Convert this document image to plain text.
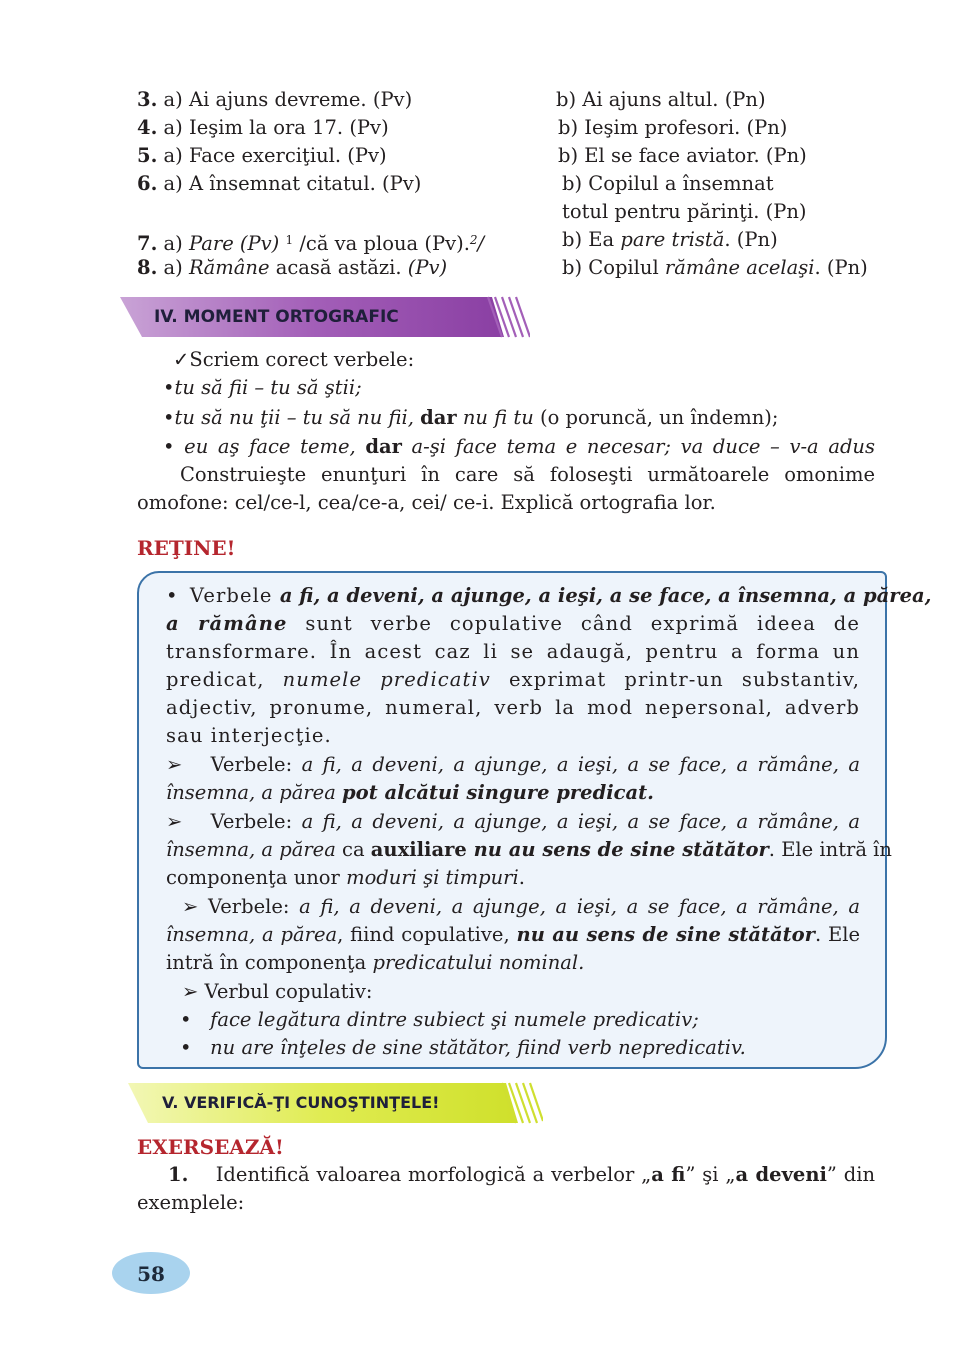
3. a) Ai ajuns devreme. (Pv)	b) Ai ajuns altul. (Pn)
4. a) Ieşim la ora 17. (Pv)	b) Ieşim profesori. (Pn)
5. a) Face exerciţiul. (Pv)	b) El se face aviator. (Pn)
6. a) A însemnat citatul. (Pv)	b) Copilul a însemnat
totul pentru părinţi. (Pn)
7. a) Pare (Pv) $^1$ /că va ploua (Pv).$^2$/	b) Ea pare tristă. (Pn)
8. a) Rămâne acasă astăzi. (Pv)	b) Copilul rămâne acelaşi. (Pn)
IV. MOMENT ORTOGRAFIC
✓Scriem corect verbele:
•tu să fii – tu să ştii;
•tu să nu ţii – tu să nu fii, dar nu fi tu (o poruncă, un îndemn);
• eu aş face teme, dar a-şi face tema e necesar; va duce – v-a adus
Construieşte enunţuri în care să foloseşti următoarele omonime
omofone: cel/ce-l, cea/ce-a, cei/ ce-i. Explică ortografia lor.
REŢINE!
• Verbele a fi, a deveni, a ajunge, a ieşi, a se face, a însemna, a părea,
a rămâne sunt verbe copulative când exprimă ideea de
transformare. În acest caz li se adaugă, pentru a forma un
predicat, numele predicativ exprimat printr-un substantiv,
adjectiv, pronume, numeral, verb la mod nepersonal, adverb
sau interjecţie.
➢ Verbele: a fi, a deveni, a ajunge, a ieşi, a se face, a rămâne, a
însemna, a părea pot alcătui singure predicat.
➢ Verbele: a fi, a deveni, a ajunge, a ieşi, a se face, a rămâne, a
însemna, a părea ca auxiliare nu au sens de sine stătător. Ele intră în
componenţa unor moduri şi timpuri.
➢ Verbele: a fi, a deveni, a ajunge, a ieşi, a se face, a rămâne, a
însemna, a părea, fiind copulative, nu au sens de sine stătător. Ele
intră în componenţa predicatului nominal.
➢ Verbul copulativ:
• face legătura dintre subiect şi numele predicativ;
• nu are înţeles de sine stătător, fiind verb nepredicativ.
V. VERIFICĂ-ŢI CUNOŞTINŢELE!
EXERSEAZĂ!
1. Identifică valoarea morfologică a verbelor „a fi” şi „a deveni” din
exemplele:
58
